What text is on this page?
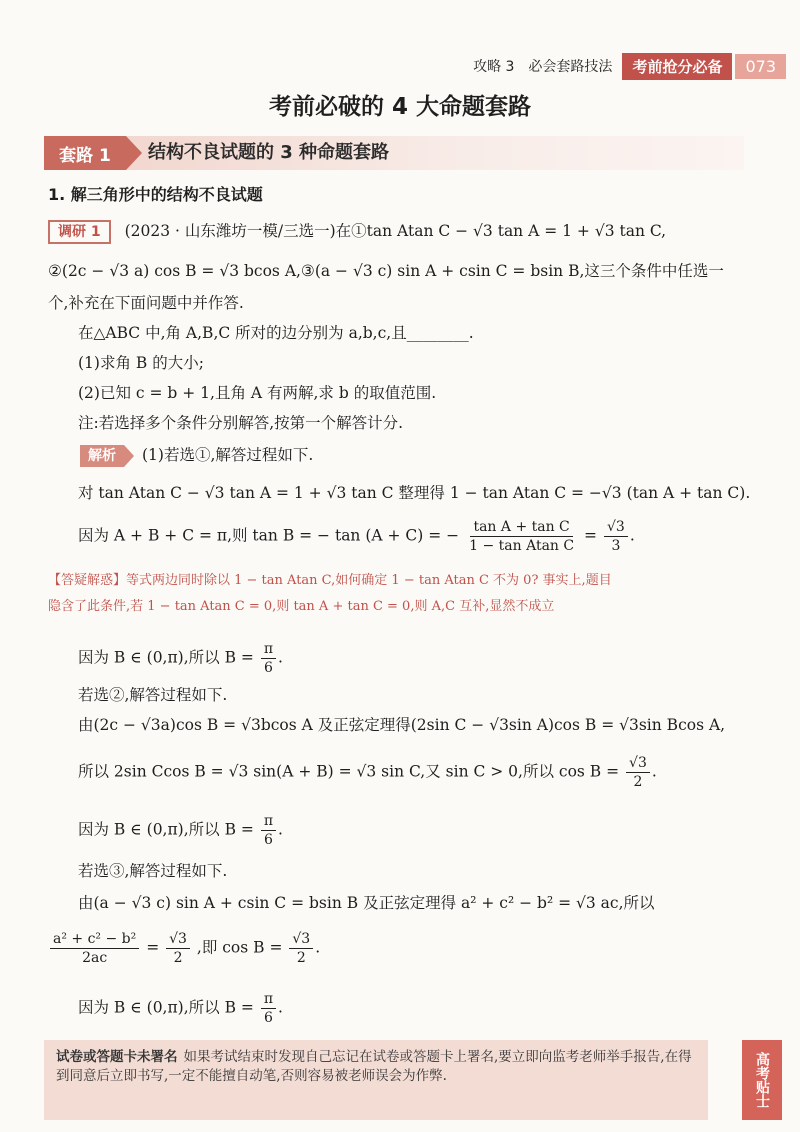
攻略 3　必会套路技法	考前抢分必备	073
考前必破的 4 大命题套路
套路 1	结构不良试题的 3 种命题套路
1. 解三角形中的结构不良试题
调研 1 (2023 · 山东潍坊一模/三选一)在①tan Atan C − √3 tan A = 1 + √3 tan C,
②(2c − √3 a) cos B = √3 bcos A,③(a − √3 c) sin A + csin C = bsin B,这三个条件中任选一
个,补充在下面问题中并作答.
在△ABC 中,角 A,B,C 所对的边分别为 a,b,c,且________.
(1)求角 B 的大小;
(2)已知 c = b + 1,且角 A 有两解,求 b 的取值范围.
注:若选择多个条件分别解答,按第一个解答计分.
解析 (1)若选①,解答过程如下.
对 tan Atan C − √3 tan A = 1 + √3 tan C 整理得 1 − tan Atan C = −√3 (tan A + tan C).
因为 A + B + C = π,则 tan B = − tan (A + C) = − $\frac{\text{tan A + tan C}}{\text{1 − tan Atan C}} = \frac{√3}{3}$ .
【答疑解惑】等式两边同时除以 1 − tan Atan C,如何确定 1 − tan Atan C 不为 0? 事实上,题目
隐含了此条件,若 1 − tan Atan C = 0,则 tan A + tan C = 0,则 A,C 互补,显然不成立
因为 B ∈ (0,π),所以 $B = \frac{\pi}{6}$ .
若选②,解答过程如下.
由(2c − √3a)cos B = √3bcos A 及正弦定理得(2sin C − √3sin A)cos B = √3sin Bcos A,
所以 2sin Ccos B = √3 sin(A + B) = √3 sin C,又 sin C > 0,所以 $\cos B = \frac{√3}{2}$ .
因为 B ∈ (0,π),所以 $B = \frac{\pi}{6}$ .
若选③,解答过程如下.
由(a − √3 c) sin A + csin C = bsin B 及正弦定理得 a² + c² − b² = √3 ac,所以
$\frac{\text{a² + c² − b²}}{2ac} = \frac{√3}{2}$ ,即 $\cos B = \frac{√3}{2}$ .
因为 B ∈ (0,π),所以 $B = \frac{\pi}{6}$ .
试卷或答题卡未署名 如果考试结束时发现自己忘记在试卷或答题卡上署名,要立即向监考老师举手报告,在得到同意后立即书写,一定不能擅自动笔,否则容易被老师误会为作弊.	高考贴士
